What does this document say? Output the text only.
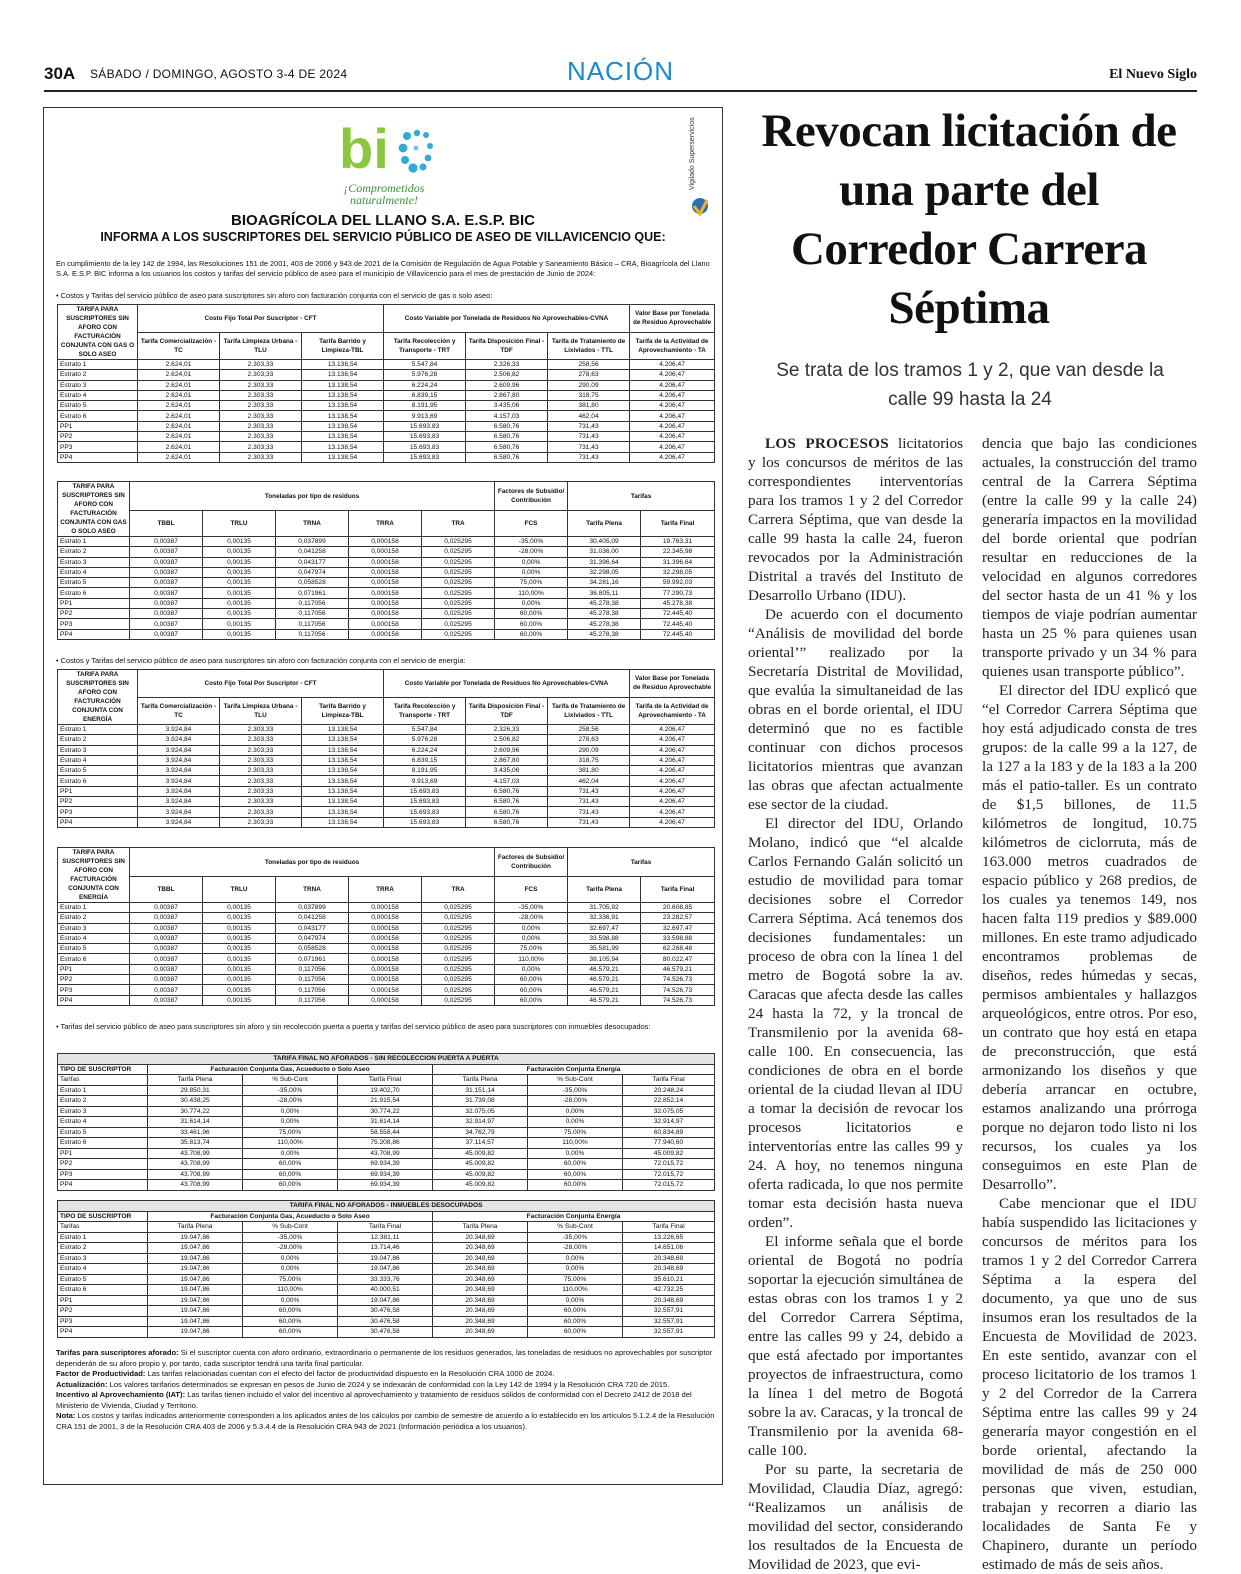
30A SÁBADO / DOMINGO, AGOSTO 3-4 DE 2024	NACIÓN	El Nuevo Siglo
bi
¡Comprometidos naturalmente!
Vigilado Superservicios
BIOAGRÍCOLA DEL LLANO S.A. E.S.P. BIC
INFORMA A LOS SUSCRIPTORES DEL SERVICIO PÚBLICO DE ASEO DE VILLAVICENCIO QUE:
En cumplimiento de la ley 142 de 1994, las Resoluciones 151 de 2001, 403 de 2006 y 943 de 2021 de la Comisión de Regulación de Agua Potable y Saneamiento Básico – CRA, Bioagrícola del Llano S.A. E.S.P. BIC informa a los usuarios los costos y tarifas del servicio público de aseo para el municipio de Villavicencio para el mes de prestación de Junio de 2024:
• Costos y Tarifas del servicio público de aseo para suscriptores sin aforo con facturación conjunta con el servicio de gas o solo aseo:
TARIFA PARA SUSCRIPTORES SIN AFORO CON FACTURACIÓN CONJUNTA CON GAS O SOLO ASEO	Costo Fijo Total Por Suscriptor - CFT			Costo Variable por Tonelada de Residuos No Aprovechables-CVNA			Valor Base por Tonelada de Residuo Aprovechable
	Tarifa Comercialización -TC	Tarifa Limpieza Urbana -TLU	Tarifa Barrido y Limpieza-TBL	Tarifa Recolección y Transporte - TRT	Tarifa Disposición Final - TDF	Tarifa de Tratamiento de Lixiviados - TTL	Tarifa de la Actividad de Aprovechamiento - TA
Estrato 1	2.624,01	2.303,33	13.138,54	5.547,84	2.326,33	258,56	4.206,47
Estrato 2	2.624,01	2.303,33	13.138,54	5.976,28	2.506,82	278,63	4.206,47
Estrato 3	2.624,01	2.303,33	13.138,54	6.224,24	2.609,96	290,09	4.206,47
Estrato 4	2.624,01	2.303,33	13.138,54	6.839,15	2.867,80	318,75	4.206,47
Estrato 5	2.624,01	2.303,33	13.138,54	8.191,95	3.435,06	381,80	4.206,47
Estrato 6	2.624,01	2.303,33	13.138,54	9.913,69	4.157,03	462,04	4.206,47
PP1	2.624,01	2.303,33	13.138,54	15.693,83	6.580,76	731,43	4.206,47
PP2	2.624,01	2.303,33	13.138,54	15.693,83	6.580,76	731,43	4.206,47
PP3	2.624,01	2.303,33	13.138,54	15.693,83	6.580,76	731,43	4.206,47
PP4	2.624,01	2.303,33	13.138,54	15.693,83	6.580,76	731,43	4.206,47
TARIFA PARA SUSCRIPTORES SIN AFORO CON FACTURACIÓN CONJUNTA CON GAS O SOLO ASEO	Toneladas por tipo de residuos					Factores de Subsidio/ Contribución	Tarifas	
	TBBL	TRLU	TRNA	TRRA	TRA	FCS	Tarifa Plena	Tarifa Final
Estrato 1	0,00387	0,00135	0,037899	0,000158	0,025295	-35,00%	30.405,09	19.763,31
Estrato 2	0,00387	0,00135	0,041258	0,000158	0,025295	-28,00%	31.036,00	22.345,98
Estrato 3	0,00387	0,00135	0,043177	0,000158	0,025295	0,00%	31.396,64	31.396,64
Estrato 4	0,00387	0,00135	0,047974	0,000158	0,025295	0,00%	32.298,05	32.298,05
Estrato 5	0,00387	0,00135	0,058528	0,000158	0,025295	75,00%	34.281,16	59.992,03
Estrato 6	0,00387	0,00135	0,071961	0,000158	0,025295	110,00%	36.805,11	77.290,73
PP1	0,00387	0,00135	0,117056	0,000158	0,025295	0,00%	45.278,38	45.278,38
PP2	0,00387	0,00135	0,117056	0,000158	0,025295	60,00%	45.278,38	72.445,40
PP3	0,00387	0,00135	0,117056	0,000158	0,025295	60,00%	45.278,38	72.445,40
PP4	0,00387	0,00135	0,117056	0,000158	0,025295	60,00%	45.278,38	72.445,40
• Costos y Tarifas del servicio público de aseo para suscriptores sin aforo con facturación conjunta con el servicio de energía:
TARIFA PARA SUSCRIPTORES SIN AFORO CON FACTURACIÓN CONJUNTA CON ENERGÍA	Costo Fijo Total Por Suscriptor - CFT			Costo Variable por Tonelada de Residuos No Aprovechables-CVNA			Valor Base por Tonelada de Residuo Aprovechable
	Tarifa Comercialización -TC	Tarifa Limpieza Urbana -TLU	Tarifa Barrido y Limpieza-TBL	Tarifa Recolección y Transporte - TRT	Tarifa Disposición Final - TDF	Tarifa de Tratamiento de Lixiviados - TTL	Tarifa de la Actividad de Aprovechamiento - TA
Estrato 1	3.924,84	2.303,33	13.138,54	5.547,84	2.326,33	258,56	4.206,47
Estrato 2	3.924,84	2.303,33	13.138,54	5.976,28	2.506,82	278,63	4.206,47
Estrato 3	3.924,84	2.303,33	13.138,54	6.224,24	2.609,96	290,09	4.206,47
Estrato 4	3.924,84	2.303,33	13.138,54	6.839,15	2.867,80	318,75	4.206,47
Estrato 5	3.924,84	2.303,33	13.138,54	8.191,95	3.435,06	381,80	4.206,47
Estrato 6	3.924,84	2.303,33	13.138,54	9.913,69	4.157,03	462,04	4.206,47
PP1	3.924,84	2.303,33	13.138,54	15.693,83	6.580,76	731,43	4.206,47
PP2	3.924,84	2.303,33	13.138,54	15.693,83	6.580,76	731,43	4.206,47
PP3	3.924,84	2.303,33	13.138,54	15.693,83	6.580,76	731,43	4.206,47
PP4	3.924,84	2.303,33	13.138,54	15.693,83	6.580,76	731,43	4.206,47
TARIFA PARA SUSCRIPTORES SIN AFORO CON FACTURACIÓN CONJUNTA CON ENERGÍA	Toneladas por tipo de residuos					Factores de Subsidio/ Contribución	Tarifas	
	TBBL	TRLU	TRNA	TRRA	TRA	FCS	Tarifa Plena	Tarifa Final
Estrato 1	0,00387	0,00135	0,037899	0,000158	0,025295	-35,00%	31.705,92	20.608,85
Estrato 2	0,00387	0,00135	0,041258	0,000158	0,025295	-28,00%	32.336,91	23.282,57
Estrato 3	0,00387	0,00135	0,043177	0,000158	0,025295	0,00%	32.697,47	32.697,47
Estrato 4	0,00387	0,00135	0,047974	0,000158	0,025295	0,00%	33.598,88	33.598,88
Estrato 5	0,00387	0,00135	0,058528	0,000158	0,025295	75,00%	35.581,99	62.268,48
Estrato 6	0,00387	0,00135	0,071961	0,000158	0,025295	110,00%	38.105,94	80.022,47
PP1	0,00387	0,00135	0,117056	0,000158	0,025295	0,00%	46.579,21	46.579,21
PP2	0,00387	0,00135	0,117056	0,000158	0,025295	60,00%	46.579,21	74.526,73
PP3	0,00387	0,00135	0,117056	0,000158	0,025295	60,00%	46.579,21	74.526,73
PP4	0,00387	0,00135	0,117056	0,000158	0,025295	60,00%	46.579,21	74.526,73
• Tarifas del servicio público de aseo para suscriptores sin aforo y sin recolección puerta a puerta y tarifas del servicio público de aseo para suscriptores con inmuebles desocupados:
TARIFA FINAL NO AFORADOS - SIN RECOLECCION PUERTA A PUERTA						
TIPO DE SUSCRIPTOR	Facturación Conjunta Gas, Acueducto o Solo Aseo			Facturación Conjunta Energía		
Tarifas	Tarifa Plena	% Sub-Cont	Tarifa Final	Tarifa Plena	% Sub-Cont	Tarifa Final
Estrato 1	29.850,31	-35,00%	19.402,70	31.151,14	-35,00%	20.248,24
Estrato 2	30.438,25	-28,00%	21.915,54	31.739,08	-28,00%	22.852,14
Estrato 3	30.774,22	0,00%	30.774,22	32.075,05	0,00%	32.075,05
Estrato 4	31.614,14	0,00%	31.614,14	32.914,97	0,00%	32.914,97
Estrato 5	33.461,96	75,00%	58.558,44	34.762,79	75,00%	60.834,89
Estrato 6	35.813,74	110,00%	75.208,86	37.114,57	110,00%	77.940,60
PP1	43.708,99	0,00%	43.708,99	45.009,82	0,00%	45.009,82
PP2	43.708,99	60,00%	69.934,39	45.009,82	60,00%	72.015,72
PP3	43.708,99	60,00%	69.934,39	45.009,82	60,00%	72.015,72
PP4	43.708,99	60,00%	69.934,39	45.009,82	60,00%	72.015,72
TARIFA FINAL NO AFORADOS - INMUEBLES DESOCUPADOS						
TIPO DE SUSCRIPTOR	Facturación Conjunta Gas, Acueducto o Solo Aseo			Facturación Conjunta Energía		
Tarifas	Tarifa Plena	% Sub-Cont	Tarifa Final	Tarifa Plena	% Sub-Cont	Tarifa Final
Estrato 1	19.047,86	-35,00%	12.381,11	20.348,69	-35,00%	13.226,65
Estrato 2	19.047,86	-28,00%	13.714,46	20.348,69	-28,00%	14.651,06
Estrato 3	19.047,86	0,00%	19.047,86	20.348,69	0,00%	20.348,69
Estrato 4	19.047,86	0,00%	19.047,86	20.348,69	0,00%	20.348,69
Estrato 5	19.047,86	75,00%	33.333,76	20.348,69	75,00%	35.610,21
Estrato 6	19.047,86	110,00%	40.000,51	20.348,69	110,00%	42.732,25
PP1	19.047,86	0,00%	19.047,86	20.348,69	0,00%	20.348,69
PP2	19.047,86	60,00%	30.476,58	20.348,69	60,00%	32.557,91
PP3	19.047,86	60,00%	30.476,58	20.348,69	60,00%	32.557,91
PP4	19.047,86	60,00%	30.476,58	20.348,69	60,00%	32.557,91

Tarifas para suscriptores aforado: Si el suscriptor cuenta con aforo ordinario, extraordinario o permanente de los residuos generados, las toneladas de residuos no aprovechables por suscriptor dependerán de su aforo propio y, por tanto, cada suscriptor tendrá una tarifa final particular.

Factor de Productividad: Las tarifas relacionadas cuentan con el efecto del factor de productividad dispuesto en la Resolución CRA 1000 de 2024.

Actualización: Los valores tarifarios determinados se expresan en pesos de Junio de 2024 y se indexarán de conformidad con la Ley 142 de 1994 y la Resolución CRA 720 de 2015.

Incentivo al Aprovechamiento (IAT): Las tarifas tienen incluido el valor del incentivo al aprovechamiento y tratamiento de residuos sólidos de conformidad con el Decreto 2412 de 2018 del Ministerio de Vivienda, Ciudad y Territorio.

Nota: Los costos y tarifas indicados anteriormente corresponden a los aplicados antes de los cálculos por cambio de semestre de acuerdo a lo establecido en los artículos 5.1.2.4 de la Resolución CRA 151 de 2001, 3 de la Resolución CRA 403 de 2006 y 5.3.4.4 de la Resolución CRA 943 de 2021 (Información periódica a los usuarios).

Revocan licitación de una parte del Corredor Carrera Séptima
Se trata de los tramos 1 y 2, que van desde la calle 99 hasta la 24

LOS PROCESOS licitatorios y los concursos de méritos de las correspondientes interventorías para los tramos 1 y 2 del Corredor Carrera Séptima, que van desde la calle 99 hasta la calle 24, fueron revocados por la Administración Distrital a través del Instituto de Desarrollo Urbano (IDU).

De acuerdo con el documento “Análisis de movilidad del borde oriental’” realizado por la Secretaría Distrital de Movilidad, que evalúa la simultaneidad de las obras en el borde oriental, el IDU determinó que no es factible continuar con dichos procesos licitatorios mientras que avanzan las obras que afectan actualmente ese sector de la ciudad.

El director del IDU, Orlando Molano, indicó que “el alcalde Carlos Fernando Galán solicitó un estudio de movilidad para tomar decisiones sobre el Corredor Carrera Séptima. Acá tenemos dos decisiones fundamentales: un proceso de obra con la línea 1 del metro de Bogotá sobre la av. Caracas que afecta desde las calles 24 hasta la 72, y la troncal de Transmilenio por la avenida 68-calle 100. En consecuencia, las condiciones de obra en el borde oriental de la ciudad llevan al IDU a tomar la decisión de revocar los procesos licitatorios e interventorías entre las calles 99 y 24. A hoy, no tenemos ninguna oferta radicada, lo que nos permite tomar esta decisión hasta nueva orden”.

El informe señala que el borde oriental de Bogotá no podría soportar la ejecución simultánea de estas obras con los tramos 1 y 2 del Corredor Carrera Séptima, entre las calles 99 y 24, debido a que está afectado por importantes proyectos de infraestructura, como la línea 1 del metro de Bogotá sobre la av. Caracas, y la troncal de Transmilenio por la avenida 68-calle 100.

Por su parte, la secretaria de Movilidad, Claudia Díaz, agregó: “Realizamos un análisis de movilidad del sector, considerando los resultados de la Encuesta de Movilidad de 2023, que evi-

dencia que bajo las condiciones actuales, la construcción del tramo central de la Carrera Séptima (entre la calle 99 y la calle 24) generaría impactos en la movilidad del borde oriental que podrían resultar en reducciones de la velocidad en algunos corredores del sector hasta de un 41 % y los tiempos de viaje podrían aumentar hasta un 25 % para quienes usan transporte privado y un 34 % para quienes usan transporte público”.

El director del IDU explicó que “el Corredor Carrera Séptima que hoy está adjudicado consta de tres grupos: de la calle 99 a la 127, de la 127 a la 183 y de la 183 a la 200 más el patio-taller. Es un contrato de $1,5 billones, de 11.5 kilómetros de longitud, 10.75 kilómetros de ciclorruta, más de 163.000 metros cuadrados de espacio público y 268 predios, de los cuales ya tenemos 149, nos hacen falta 119 predios y $89.000 millones. En este tramo adjudicado encontramos problemas de diseños, redes húmedas y secas, permisos ambientales y hallazgos arqueológicos, entre otros. Por eso, un contrato que hoy está en etapa de preconstrucción, que está armonizando los diseños y que debería arrancar en octubre, estamos analizando una prórroga porque no dejaron todo listo ni los recursos, los cuales ya los conseguimos en este Plan de Desarrollo”.

Cabe mencionar que el IDU había suspendido las licitaciones y concursos de méritos para los tramos 1 y 2 del Corredor Carrera Séptima a la espera del documento, ya que uno de sus insumos eran los resultados de la Encuesta de Movilidad de 2023. En este sentido, avanzar con el proceso licitatorio de los tramos 1 y 2 del Corredor de la Carrera Séptima entre las calles 99 y 24 generaría mayor congestión en el borde oriental, afectando la movilidad de más de 250 000 personas que viven, estudian, trabajan y recorren a diario las localidades de Santa Fe y Chapinero, durante un período estimado de más de seis años.
